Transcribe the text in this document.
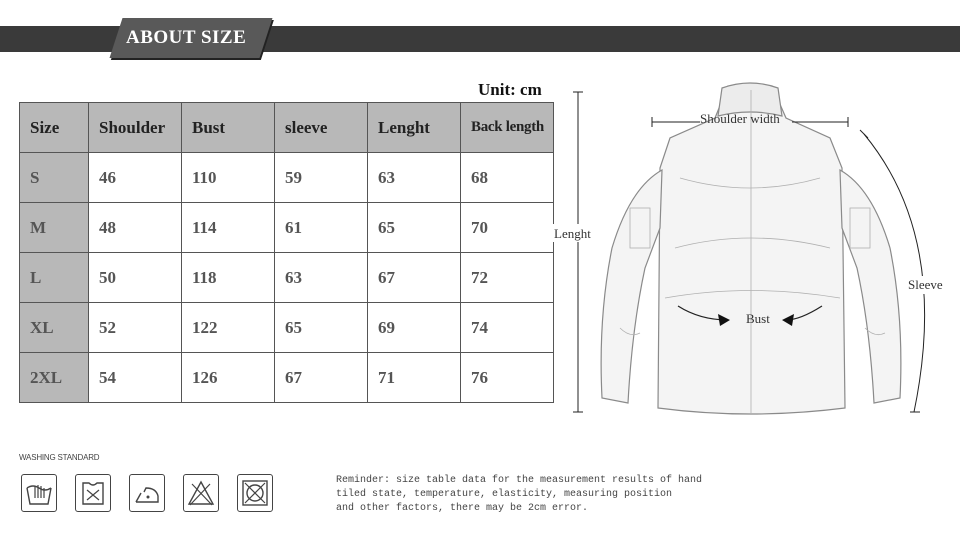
ABOUT SIZE
Unit: cm
Size	Shoulder	Bust	sleeve	Lenght	Back length
S	46	110	59	63	68
M	48	114	61	65	70
L	50	118	63	67	72
XL	52	122	65	69	74
2XL	54	126	67	71	76
Shoulder width
Lenght
Sleeve
Bust
WASHING STANDARD
Reminder: size table data for the measurement results of hand
tiled state, temperature, elasticity, measuring position
and other factors, there may be 2cm error.
